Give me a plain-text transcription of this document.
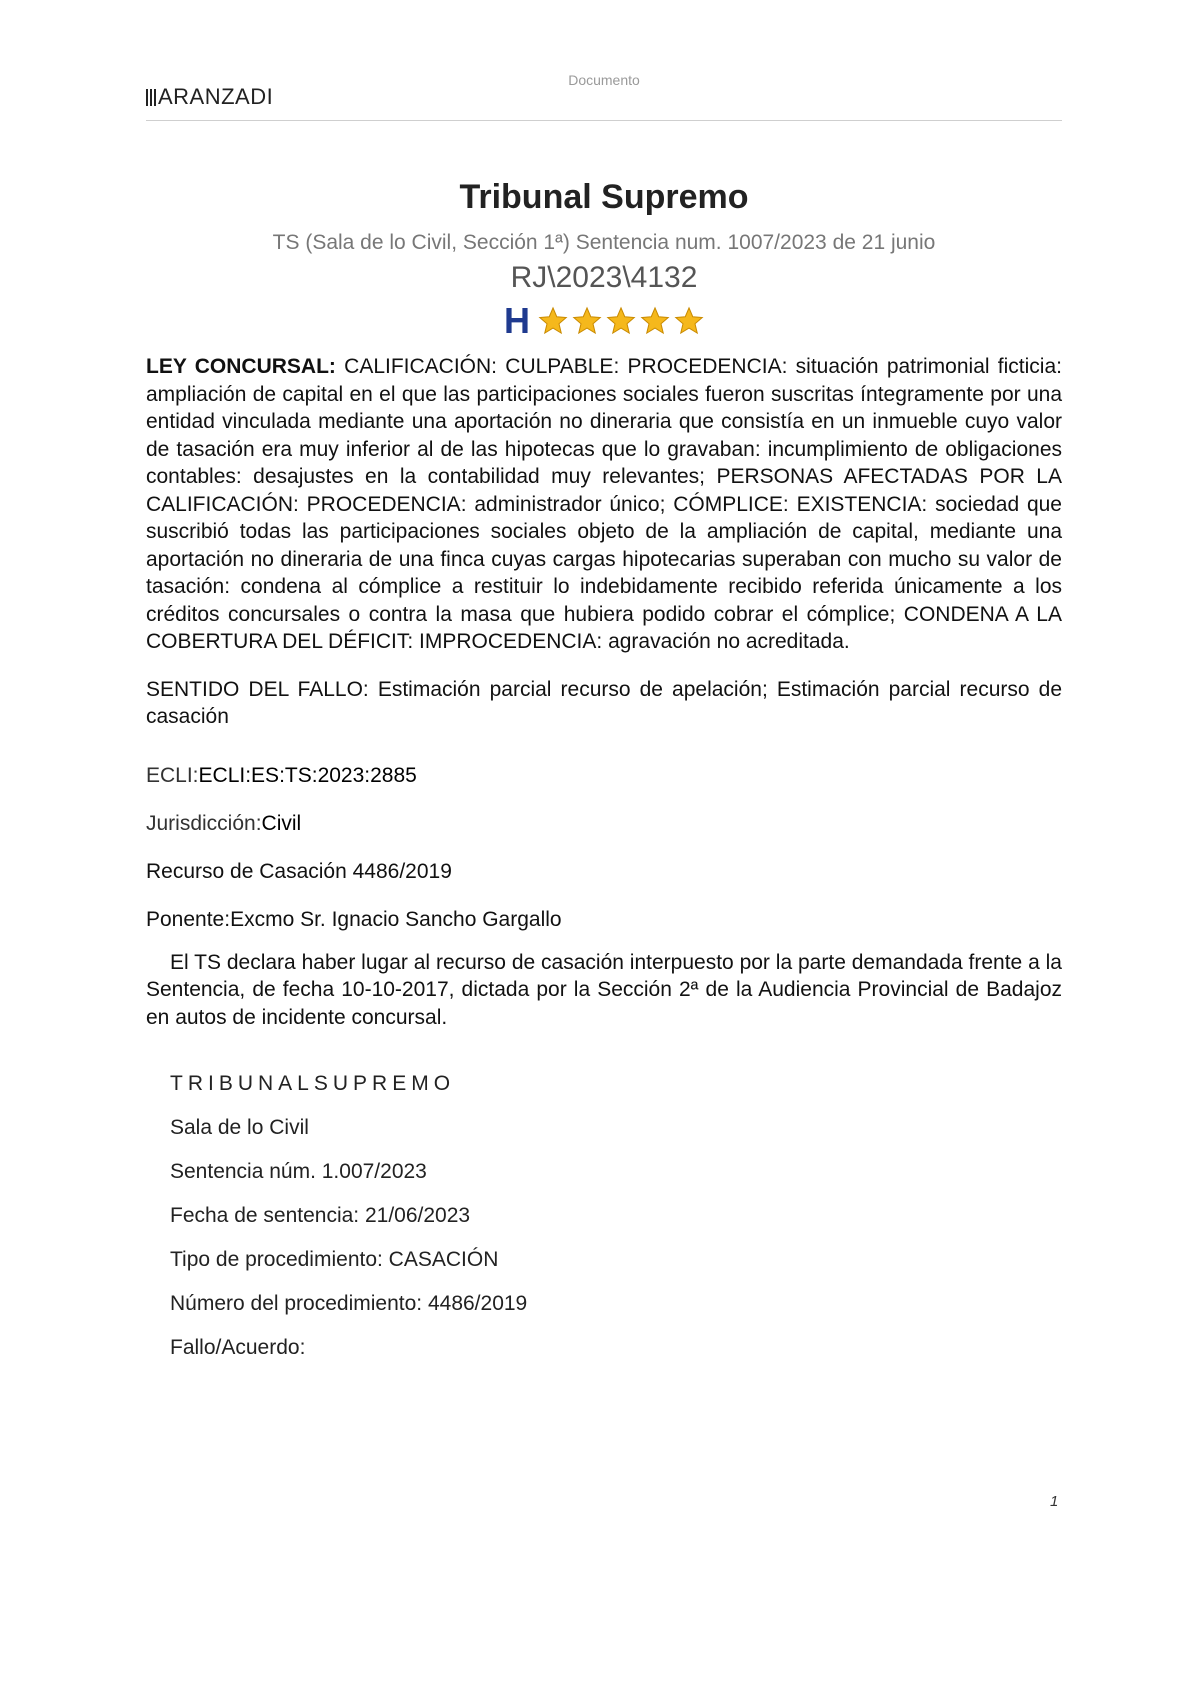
ARANZADI
Documento
Tribunal Supremo
TS (Sala de lo Civil, Sección 1ª) Sentencia num. 1007/2023 de 21 junio
RJ\2023\4132
H

LEY CONCURSAL: CALIFICACIÓN: CULPABLE: PROCEDENCIA: situación patrimonial ficticia: ampliación de capital en el que las participaciones sociales fueron suscritas íntegramente por una entidad vinculada mediante una aportación no dineraria que consistía en un inmueble cuyo valor de tasación era muy inferior al de las hipotecas que lo gravaban: incumplimiento de obligaciones contables: desajustes en la contabilidad muy relevantes; PERSONAS AFECTADAS POR LA CALIFICACIÓN: PROCEDENCIA: administrador único; CÓMPLICE: EXISTENCIA: sociedad que suscribió todas las participaciones sociales objeto de la ampliación de capital, mediante una aportación no dineraria de una finca cuyas cargas hipotecarias superaban con mucho su valor de tasación: condena al cómplice a restituir lo indebidamente recibido referida únicamente a los créditos concursales o contra la masa que hubiera podido cobrar el cómplice; CONDENA A LA COBERTURA DEL DÉFICIT: IMPROCEDENCIA: agravación no acreditada.

SENTIDO DEL FALLO: Estimación parcial recurso de apelación; Estimación parcial recurso de casación

ECLI:ECLI:ES:TS:2023:2885

Jurisdicción:Civil

Recurso de Casación 4486/2019

Ponente:Excmo Sr. Ignacio Sancho Gargallo

El TS declara haber lugar al recurso de casación interpuesto por la parte demandada frente a la Sentencia, de fecha 10-10-2017, dictada por la Sección 2ª de la Audiencia Provincial de Badajoz en autos de incidente concursal.

TRIBUNALSUPREMO

Sala de lo Civil

Sentencia núm. 1.007/2023

Fecha de sentencia: 21/06/2023

Tipo de procedimiento: CASACIÓN

Número del procedimiento: 4486/2019

Fallo/Acuerdo:

1
